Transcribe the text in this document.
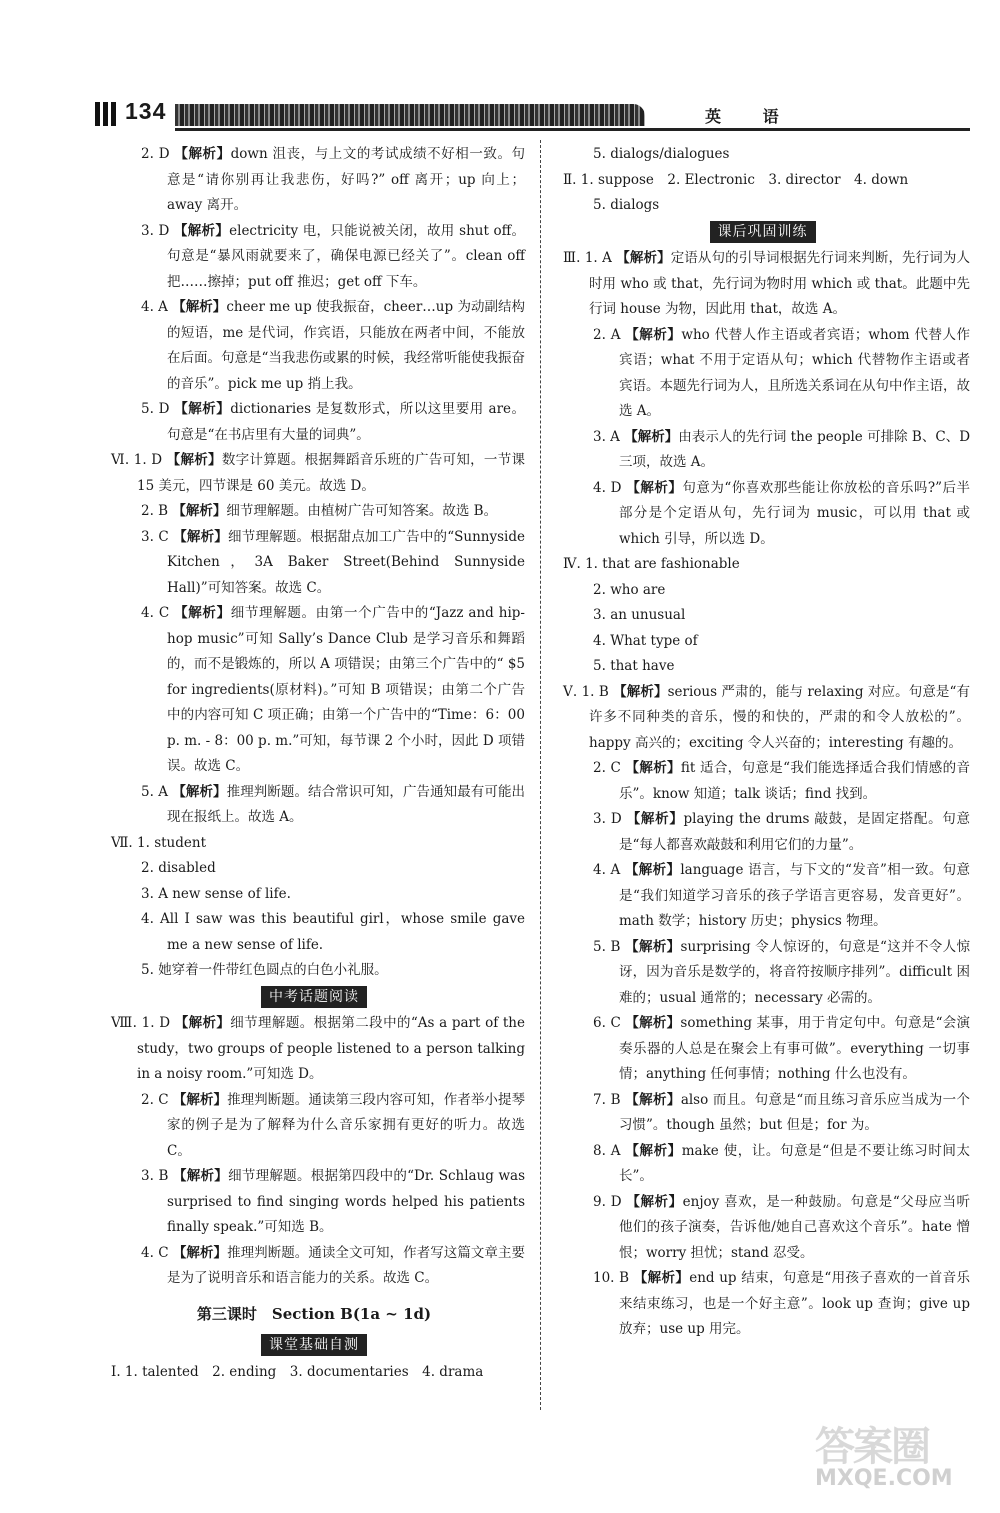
134	英 语
2. D 【解析】down 沮丧，与上文的考试成绩不好相一致。句意是“请你别再让我悲伤，好吗?” off 离开；up 向上；away 离开。
3. D 【解析】electricity 电，只能说被关闭，故用 shut off。句意是“暴风雨就要来了，确保电源已经关了”。clean off 把……擦掉；put off 推迟；get off 下车。
4. A 【解析】cheer me up 使我振奋，cheer…up 为动副结构的短语，me 是代词，作宾语，只能放在两者中间，不能放在后面。句意是“当我悲伤或累的时候，我经常听能使我振奋的音乐”。pick me up 捎上我。
5. D 【解析】dictionaries 是复数形式，所以这里要用 are。句意是“在书店里有大量的词典”。
Ⅵ. 1. D 【解析】数字计算题。根据舞蹈音乐班的广告可知，一节课 15 美元，四节课是 60 美元。故选 D。
2. B 【解析】细节理解题。由植树广告可知答案。故选 B。
3. C 【解析】细节理解题。根据甜点加工广告中的“Sunnyside Kitchen，3A Baker Street(Behind Sunnyside Hall)”可知答案。故选 C。
4. C 【解析】细节理解题。由第一个广告中的“Jazz and hip-hop music”可知 Sally’s Dance Club 是学习音乐和舞蹈的，而不是锻炼的，所以 A 项错误；由第三个广告中的“ $5 for ingredients(原材料)。”可知 B 项错误；由第二个广告中的内容可知 C 项正确；由第一个广告中的“Time：6：00 p. m. - 8：00 p. m.”可知，每节课 2 个小时，因此 D 项错误。故选 C。
5. A 【解析】推理判断题。结合常识可知，广告通知最有可能出现在报纸上。故选 A。
Ⅶ. 1. student
2. disabled
3. A new sense of life.
4. All I saw was this beautiful girl，whose smile gave me a new sense of life.
5. 她穿着一件带红色圆点的白色小礼服。
中考话题阅读
Ⅷ. 1. D 【解析】细节理解题。根据第二段中的“As a part of the study，two groups of people listened to a person talking in a noisy room.”可知选 D。
2. C 【解析】推理判断题。通读第三段内容可知，作者举小提琴家的例子是为了解释为什么音乐家拥有更好的听力。故选 C。
3. B 【解析】细节理解题。根据第四段中的“Dr. Schlaug was surprised to find singing words helped his patients finally speak.”可知选 B。
4. C 【解析】推理判断题。通读全文可知，作者写这篇文章主要是为了说明音乐和语言能力的关系。故选 C。
第三课时　Section B(1a ~ 1d)
课堂基础自测
Ⅰ. 1. talented　2. ending　3. documentaries　4. drama
5. dialogs/dialogues
Ⅱ. 1. suppose　2. Electronic　3. director　4. down
5. dialogs
课后巩固训练
Ⅲ. 1. A 【解析】定语从句的引导词根据先行词来判断，先行词为人时用 who 或 that，先行词为物时用 which 或 that。此题中先行词 house 为物，因此用 that，故选 A。
2. A 【解析】who 代替人作主语或者宾语；whom 代替人作宾语；what 不用于定语从句；which 代替物作主语或者宾语。本题先行词为人，且所选关系词在从句中作主语，故选 A。
3. A 【解析】由表示人的先行词 the people 可排除 B、C、D 三项，故选 A。
4. D 【解析】句意为“你喜欢那些能让你放松的音乐吗?”后半部分是个定语从句，先行词为 music，可以用 that 或 which 引导，所以选 D。
Ⅳ. 1. that are fashionable
2. who are
3. an unusual
4. What type of
5. that have
Ⅴ. 1. B 【解析】serious 严肃的，能与 relaxing 对应。句意是“有许多不同种类的音乐，慢的和快的，严肃的和令人放松的”。happy 高兴的；exciting 令人兴奋的；interesting 有趣的。
2. C 【解析】fit 适合，句意是“我们能选择适合我们情感的音乐”。know 知道；talk 谈话；find 找到。
3. D 【解析】playing the drums 敲鼓，是固定搭配。句意是“每人都喜欢敲鼓和利用它们的力量”。
4. A 【解析】language 语言，与下文的“发音”相一致。句意是“我们知道学习音乐的孩子学语言更容易，发音更好”。math 数学；history 历史；physics 物理。
5. B 【解析】surprising 令人惊讶的，句意是“这并不令人惊讶，因为音乐是数学的，将音符按顺序排列”。difficult 困难的；usual 通常的；necessary 必需的。
6. C 【解析】something 某事，用于肯定句中。句意是“会演奏乐器的人总是在聚会上有事可做”。everything 一切事情；anything 任何事情；nothing 什么也没有。
7. B 【解析】also 而且。句意是“而且练习音乐应当成为一个习惯”。though 虽然；but 但是；for 为。
8. A 【解析】make 使，让。句意是“但是不要让练习时间太长”。
9. D 【解析】enjoy 喜欢，是一种鼓励。句意是“父母应当听他们的孩子演奏，告诉他/她自己喜欢这个音乐”。hate 憎恨；worry 担忧；stand 忍受。
10. B 【解析】end up 结束，句意是“用孩子喜欢的一首音乐来结束练习，也是一个好主意”。look up 查询；give up 放弃；use up 用完。
答案圈
MXQE.COM
